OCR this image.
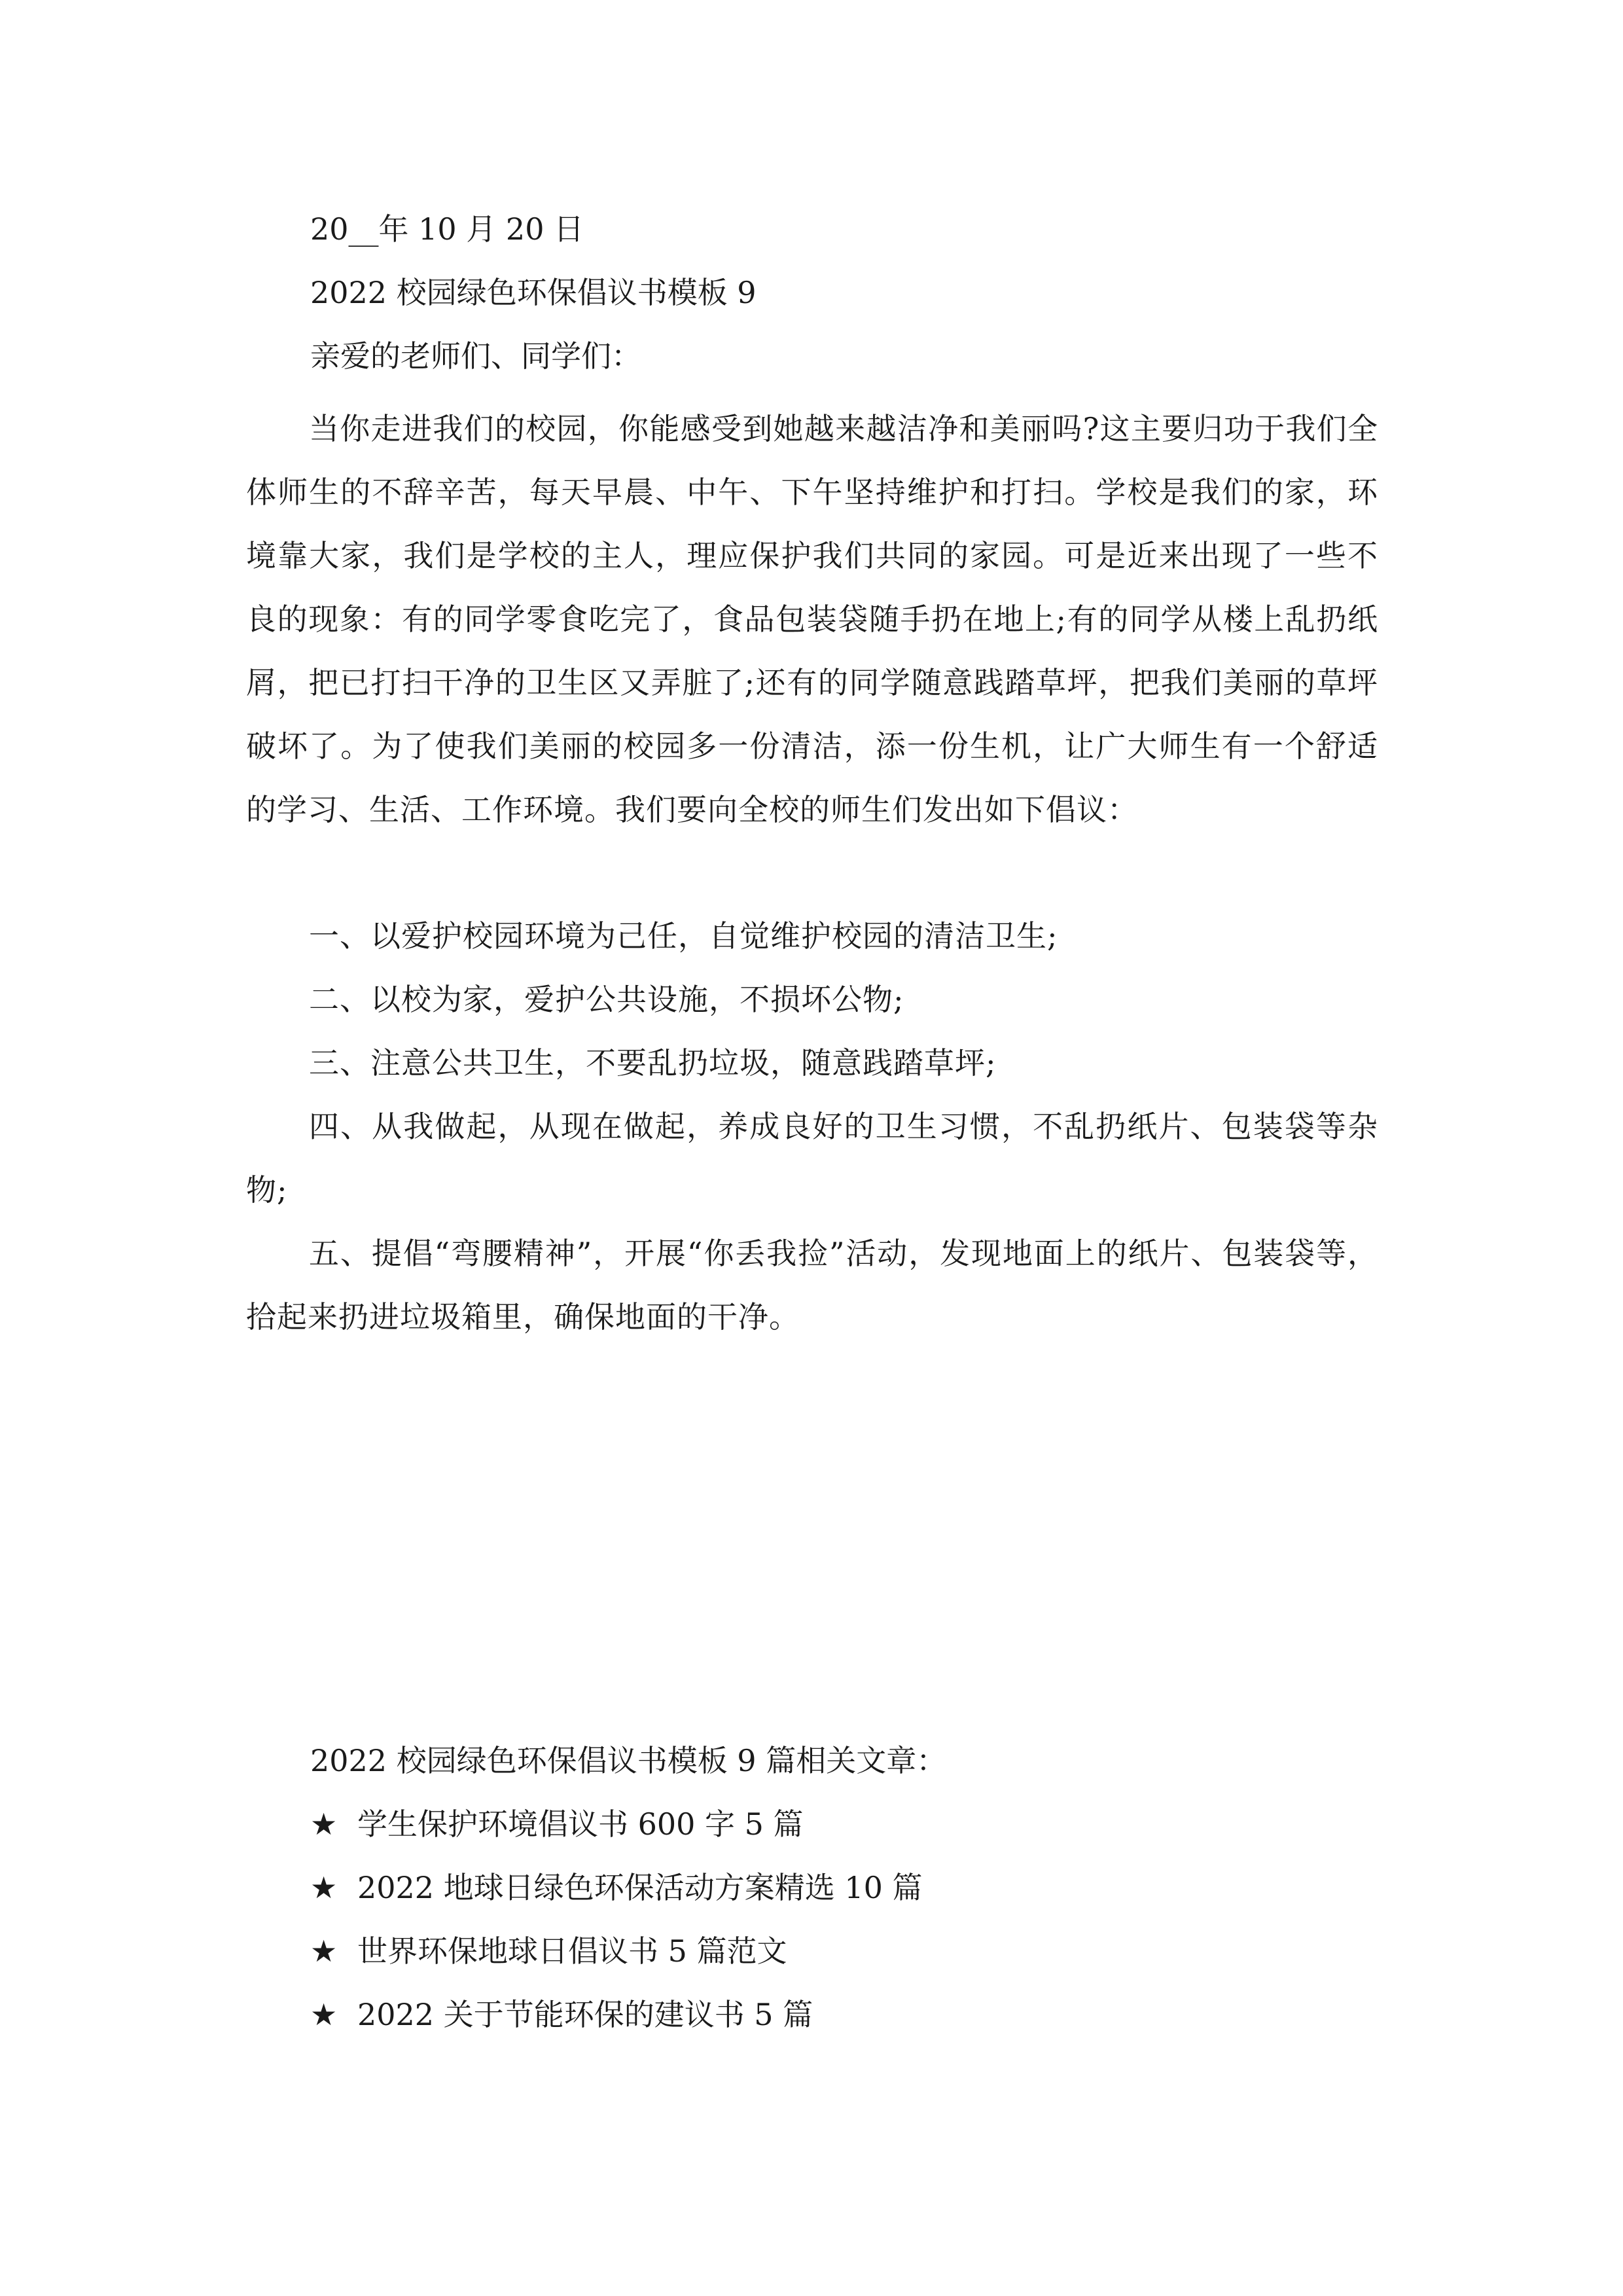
20__年 10 月 20 日
2022 校园绿色环保倡议书模板 9
亲爱的老师们、同学们：
当你走进我们的校园，你能感受到她越来越洁净和美丽吗?这主要归功于我们全体师生的不辞辛苦，每天早晨、中午、下午坚持维护和打扫。学校是我们的家，环境靠大家，我们是学校的主人，理应保护我们共同的家园。可是近来出现了一些不良的现象：有的同学零食吃完了，食品包装袋随手扔在地上;有的同学从楼上乱扔纸屑，把已打扫干净的卫生区又弄脏了;还有的同学随意践踏草坪，把我们美丽的草坪破坏了。为了使我们美丽的校园多一份清洁，添一份生机，让广大师生有一个舒适的学习、生活、工作环境。我们要向全校的师生们发出如下倡议：
一、以爱护校园环境为己任，自觉维护校园的清洁卫生;
二、以校为家，爱护公共设施，不损坏公物;
三、注意公共卫生，不要乱扔垃圾，随意践踏草坪;
四、从我做起，从现在做起，养成良好的卫生习惯，不乱扔纸片、包装袋等杂物;
五、提倡“弯腰精神”，开展“你丢我捡”活动，发现地面上的纸片、包装袋等，拾起来扔进垃圾箱里，确保地面的干净。
2022 校园绿色环保倡议书模板 9 篇相关文章：
★ 学生保护环境倡议书 600 字 5 篇
★ 2022 地球日绿色环保活动方案精选 10 篇
★ 世界环保地球日倡议书 5 篇范文
★ 2022 关于节能环保的建议书 5 篇
